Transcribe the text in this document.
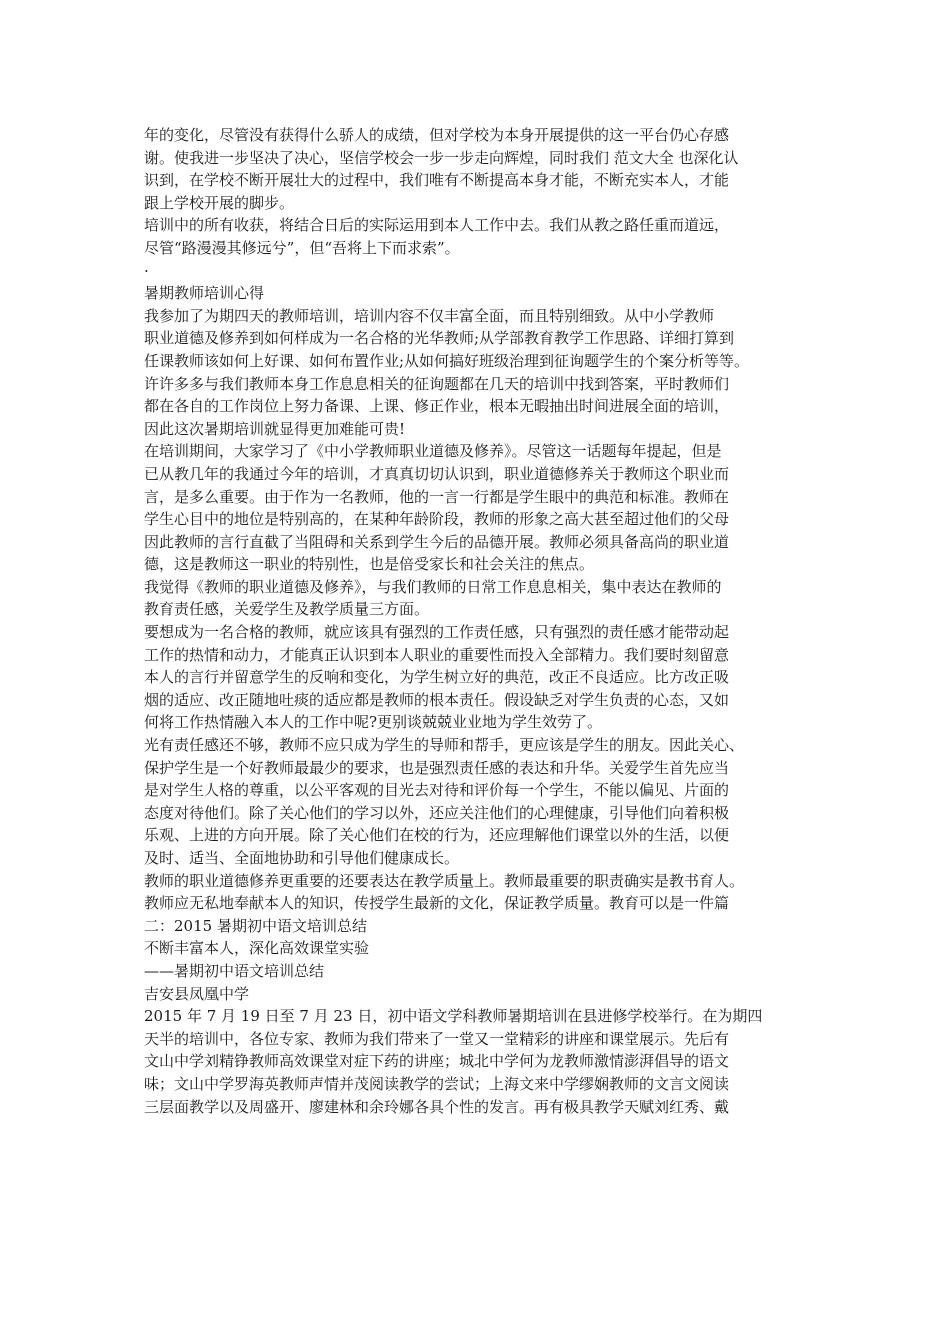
年的变化，尽管没有获得什么骄人的成绩，但对学校为本身开展提供的这一平台仍心存感
谢。使我进一步坚决了决心，坚信学校会一步一步走向辉煌，同时我们 范文大全 也深化认
识到，在学校不断开展壮大的过程中，我们唯有不断提高本身才能，不断充实本人，才能
跟上学校开展的脚步。
培训中的所有收获，将结合日后的实际运用到本人工作中去。我们从教之路任重而道远，
尽管“路漫漫其修远兮”，但“吾将上下而求索”。
·
暑期教师培训心得
我参加了为期四天的教师培训，培训内容不仅丰富全面，而且特别细致。从中小学教师
职业道德及修养到如何样成为一名合格的光华教师;从学部教育教学工作思路、详细打算到
任课教师该如何上好课、如何布置作业;从如何搞好班级治理到征询题学生的个案分析等等。
许许多多与我们教师本身工作息息相关的征询题都在几天的培训中找到答案，平时教师们
都在各自的工作岗位上努力备课、上课、修正作业，根本无暇抽出时间进展全面的培训，
因此这次暑期培训就显得更加难能可贵!
在培训期间，大家学习了《中小学教师职业道德及修养》。尽管这一话题每年提起，但是
已从教几年的我通过今年的培训，才真真切切认识到，职业道德修养关于教师这个职业而
言，是多么重要。由于作为一名教师，他的一言一行都是学生眼中的典范和标准。教师在
学生心目中的地位是特别高的，在某种年龄阶段，教师的形象之高大甚至超过他们的父母
因此教师的言行直截了当阻碍和关系到学生今后的品德开展。教师必须具备高尚的职业道
德，这是教师这一职业的特别性，也是倍受家长和社会关注的焦点。
我觉得《教师的职业道德及修养》，与我们教师的日常工作息息相关，集中表达在教师的
教育责任感，关爱学生及教学质量三方面。
要想成为一名合格的教师，就应该具有强烈的工作责任感，只有强烈的责任感才能带动起
工作的热情和动力，才能真正认识到本人职业的重要性而投入全部精力。我们要时刻留意
本人的言行并留意学生的反响和变化，为学生树立好的典范，改正不良适应。比方改正吸
烟的适应、改正随地吐痰的适应都是教师的根本责任。假设缺乏对学生负责的心态，又如
何将工作热情融入本人的工作中呢?更别谈兢兢业业地为学生效劳了。
光有责任感还不够，教师不应只成为学生的导师和帮手，更应该是学生的朋友。因此关心、
保护学生是一个好教师最最少的要求，也是强烈责任感的表达和升华。关爱学生首先应当
是对学生人格的尊重，以公平客观的目光去对待和评价每一个学生，不能以偏见、片面的
态度对待他们。除了关心他们的学习以外，还应关注他们的心理健康，引导他们向着积极
乐观、上进的方向开展。除了关心他们在校的行为，还应理解他们课堂以外的生活，以便
及时、适当、全面地协助和引导他们健康成长。
教师的职业道德修养更重要的还要表达在教学质量上。教师最重要的职责确实是教书育人。
教师应无私地奉献本人的知识，传授学生最新的文化，保证教学质量。教育可以是一件篇
二：2015 暑期初中语文培训总结
不断丰富本人，深化高效课堂实验
——暑期初中语文培训总结
吉安县凤凰中学
2015 年 7 月 19 日至 7 月 23 日，初中语文学科教师暑期培训在县进修学校举行。在为期四
天半的培训中，各位专家、教师为我们带来了一堂又一堂精彩的讲座和课堂展示。先后有
文山中学刘精铮教师高效课堂对症下药的讲座；城北中学何为龙教师激情澎湃倡导的语文
味；文山中学罗海英教师声情并茂阅读教学的尝试；上海文来中学缪娴教师的文言文阅读
三层面教学以及周盛开、廖建林和余玲娜各具个性的发言。再有极具教学天赋刘红秀、戴
